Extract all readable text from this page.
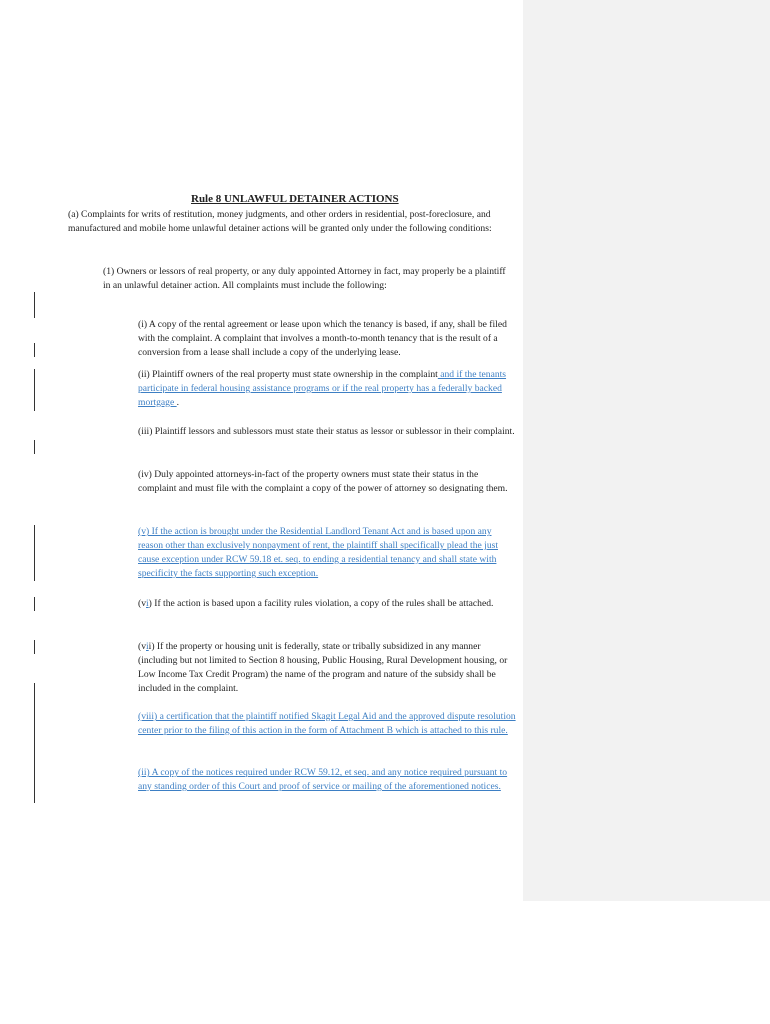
Rule 8 UNLAWFUL DETAINER ACTIONS

(a) Complaints for writs of restitution, money judgments, and other orders in residential, post-foreclosure, and manufactured and mobile home unlawful detainer actions will be granted only under the following conditions:

(1) Owners or lessors of real property, or any duly appointed Attorney in fact, may properly be a plaintiff in an unlawful detainer action. All complaints must include the following:

(i) A copy of the rental agreement or lease upon which the tenancy is based, if any, shall be filed with the complaint. A complaint that involves a month-to-month tenancy that is the result of a conversion from a lease shall include a copy of the underlying lease.

(ii) Plaintiff owners of the real property must state ownership in the complaint and if the tenants participate in federal housing assistance programs or if the real property has a federally backed mortgage .

(iii) Plaintiff lessors and sublessors must state their status as lessor or sublessor in their complaint.

(iv) Duly appointed attorneys-in-fact of the property owners must state their status in the complaint and must file with the complaint a copy of the power of attorney so designating them.

(v) If the action is brought under the Residential Landlord Tenant Act and is based upon any reason other than exclusively nonpayment of rent, the plaintiff shall specifically plead the just cause exception under RCW 59.18 et. seq. to ending a residential tenancy and shall state with specificity the facts supporting such exception.

(vi) If the action is based upon a facility rules violation, a copy of the rules shall be attached.

(vii) If the property or housing unit is federally, state or tribally subsidized in any manner (including but not limited to Section 8 housing, Public Housing, Rural Development housing, or Low Income Tax Credit Program) the name of the program and nature of the subsidy shall be included in the complaint.

(viii) a certification that the plaintiff notified Skagit Legal Aid and the approved dispute resolution center prior to the filing of this action in the form of Attachment B which is attached to this rule.

(ii) A copy of the notices required under RCW 59.12, et seq. and any notice required pursuant to any standing order of this Court and proof of service or mailing of the aforementioned notices.
